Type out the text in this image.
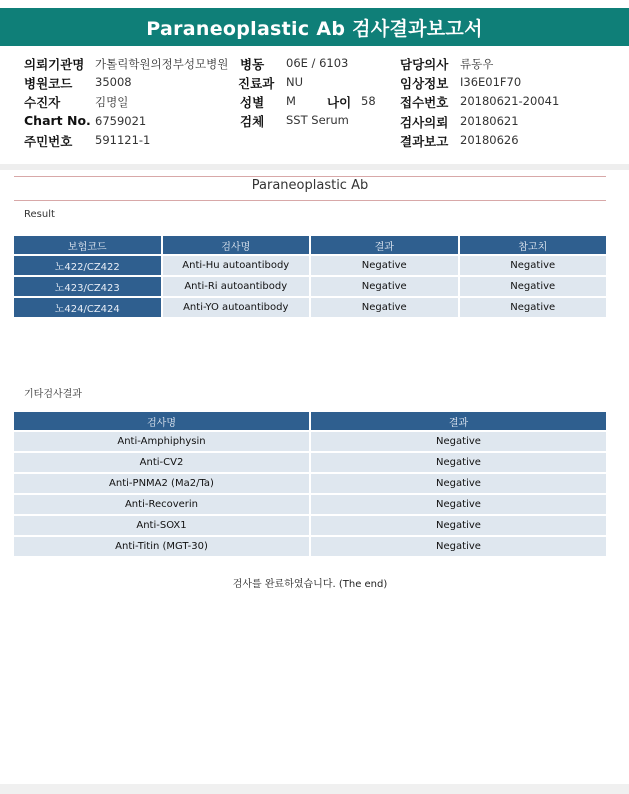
Paraneoplastic Ab 검사결과보고서
의뢰기관명 가톨릭학원의정부성모병원 병동 06E / 6103	담당의사 류동우
병원코드 35008	진료과 NU	임상정보 I36E01F70
수진자	김명일	성별 M 나이 58 접수번호 20180621-20041
Chart No. 6759021	검체 SST Serum	검사의뢰 20180621
주민번호 591121-1	결과보고 20180626
Paraneoplastic Ab
Result
보험코드	검사명	결과	참고치
노422/CZ422	Anti-Hu autoantibody	Negative	Negative
노423/CZ423	Anti-Ri autoantibody	Negative	Negative
노424/CZ424	Anti-YO autoantibody	Negative	Negative
기타검사결과
검사명	결과
Anti-Amphiphysin	Negative
Anti-CV2	Negative
Anti-PNMA2 (Ma2/Ta)	Negative
Anti-Recoverin	Negative
Anti-SOX1	Negative
Anti-Titin (MGT-30)	Negative
검사를 완료하였습니다. (The end)
